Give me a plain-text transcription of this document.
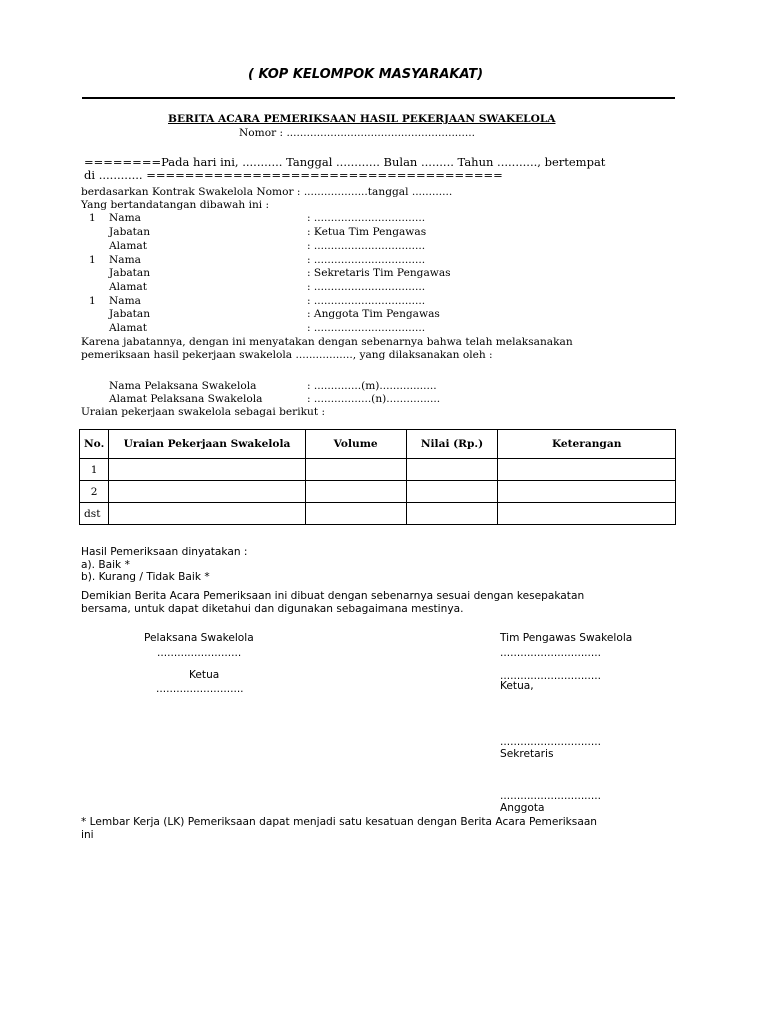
( KOP KELOMPOK MASYARAKAT)
BERITA ACARA PEMERIKSAAN HASIL PEKERJAAN SWAKELOLA
Nomor : ........................................................
========Pada hari ini, ........... Tanggal ............ Bulan ......... Tahun ..........., bertempat
di ............ =====================================
berdasarkan Kontrak Swakelola Nomor : ...................tanggal ............
Yang bertandatangan dibawah ini :
1 Nama	: .................................
Jabatan	: Ketua Tim Pengawas
Alamat	: .................................
1 Nama	: .................................
Jabatan	: Sekretaris Tim Pengawas
Alamat	: .................................
1 Nama	: .................................
Jabatan	: Anggota Tim Pengawas
Alamat	: .................................
Karena jabatannya, dengan ini menyatakan dengan sebenarnya bahwa telah melaksanakan
pemeriksaan hasil pekerjaan swakelola ................., yang dilaksanakan oleh :
Nama Pelaksana Swakelola	: ..............(m).................
Alamat Pelaksana Swakelola	: .................(n)................
Uraian pekerjaan swakelola sebagai berikut :
No.	Uraian Pekerjaan Swakelola	Volume	Nilai (Rp.)	Keterangan
1				
2				
dst				
Hasil Pemeriksaan dinyatakan :
a). Baik *
b). Kurang / Tidak Baik *
Demikian Berita Acara Pemeriksaan ini dibuat dengan sebenarnya sesuai dengan kesepakatan
bersama, untuk dapat diketahui dan digunakan sebagaimana mestinya.
Pelaksana Swakelola
.........................
Ketua
..........................
Tim Pengawas Swakelola
..............................
..............................
Ketua,
..............................
Sekretaris
..............................
Anggota
* Lembar Kerja (LK) Pemeriksaan dapat menjadi satu kesatuan dengan Berita Acara Pemeriksaan
ini
